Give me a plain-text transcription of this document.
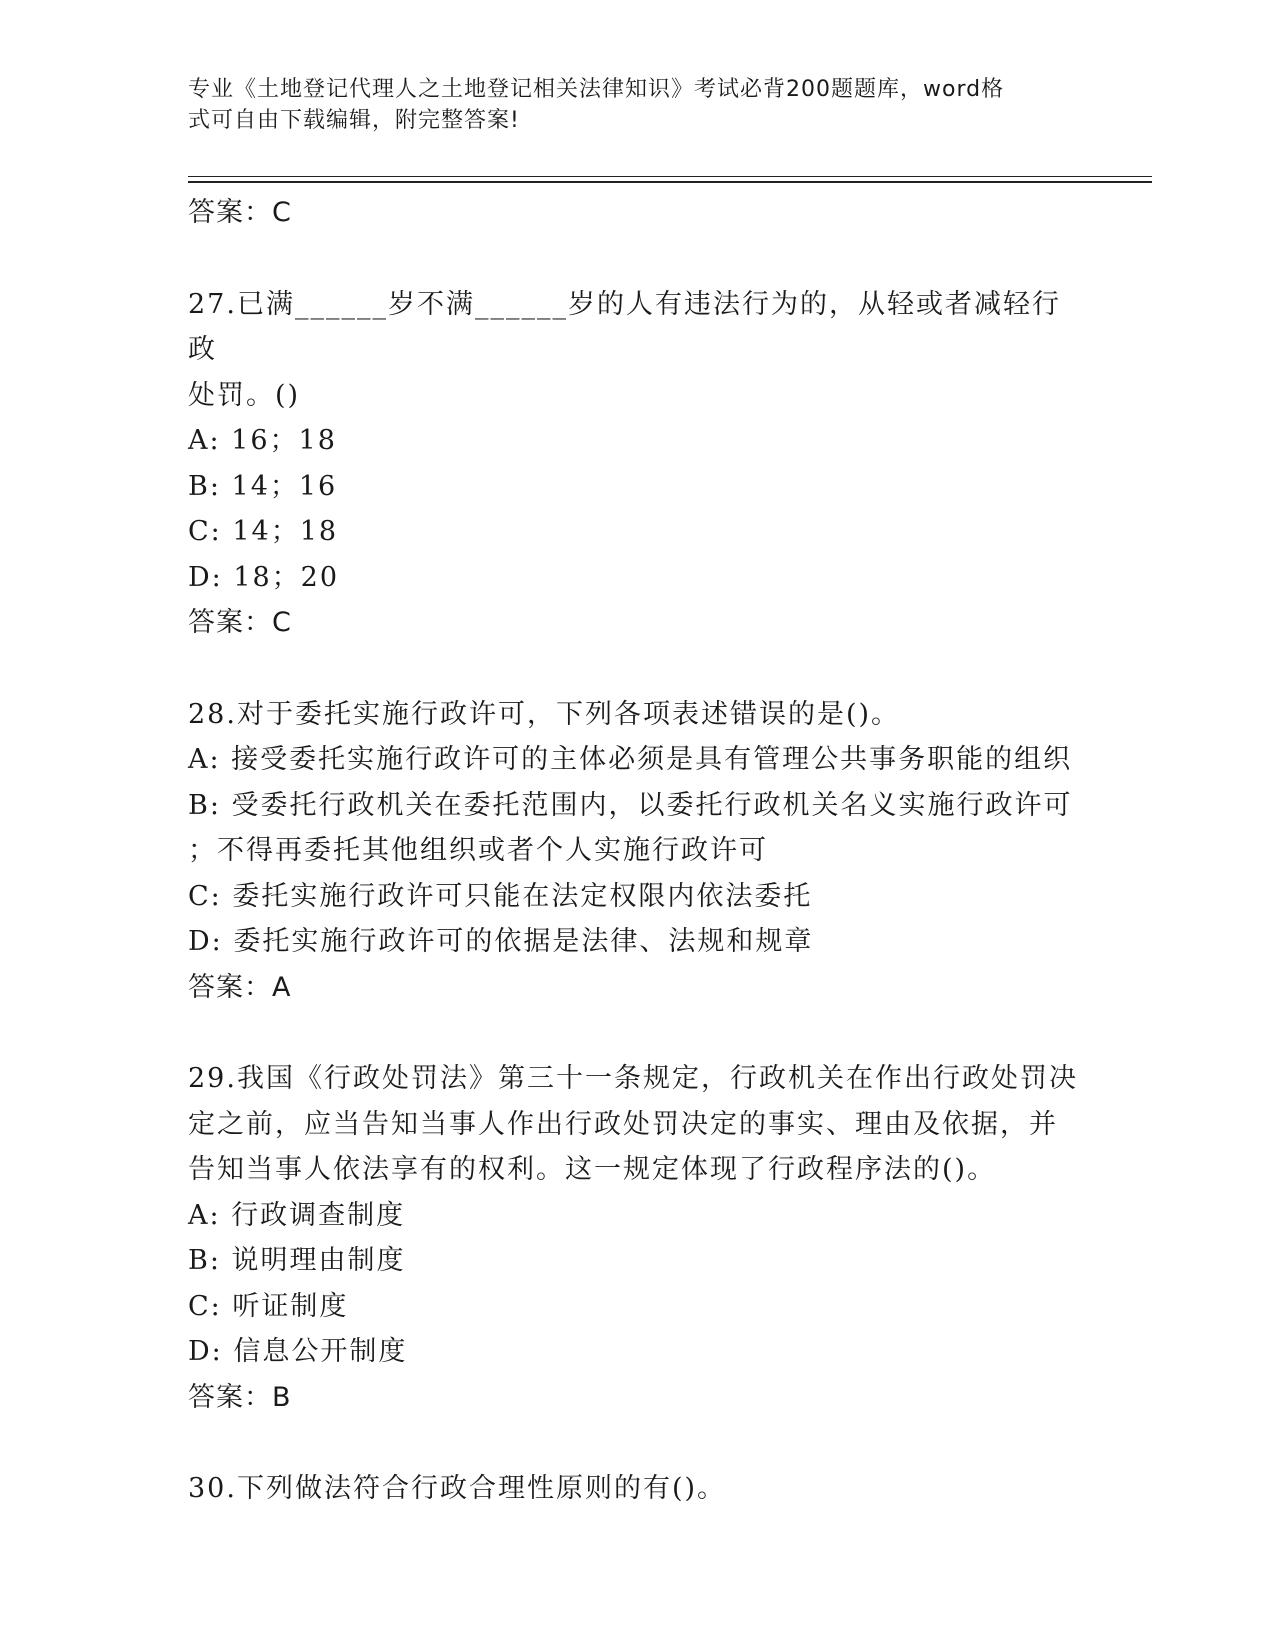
专业《土地登记代理人之土地登记相关法律知识》考试必背200题题库，word格
式可自由下载编辑，附完整答案!
答案：C
27.已满______岁不满______岁的人有违法行为的，从轻或者减轻行政
处罚。()
A: 16；18
B: 14；16
C: 14；18
D: 18；20
答案：C
28.对于委托实施行政许可，下列各项表述错误的是()。
A: 接受委托实施行政许可的主体必须是具有管理公共事务职能的组织
B: 受委托行政机关在委托范围内，以委托行政机关名义实施行政许可
；不得再委托其他组织或者个人实施行政许可
C: 委托实施行政许可只能在法定权限内依法委托
D: 委托实施行政许可的依据是法律、法规和规章
答案：A
29.我国《行政处罚法》第三十一条规定，行政机关在作出行政处罚决
定之前，应当告知当事人作出行政处罚决定的事实、理由及依据，并
告知当事人依法享有的权利。这一规定体现了行政程序法的()。
A: 行政调查制度
B: 说明理由制度
C: 听证制度
D: 信息公开制度
答案：B
30.下列做法符合行政合理性原则的有()。
